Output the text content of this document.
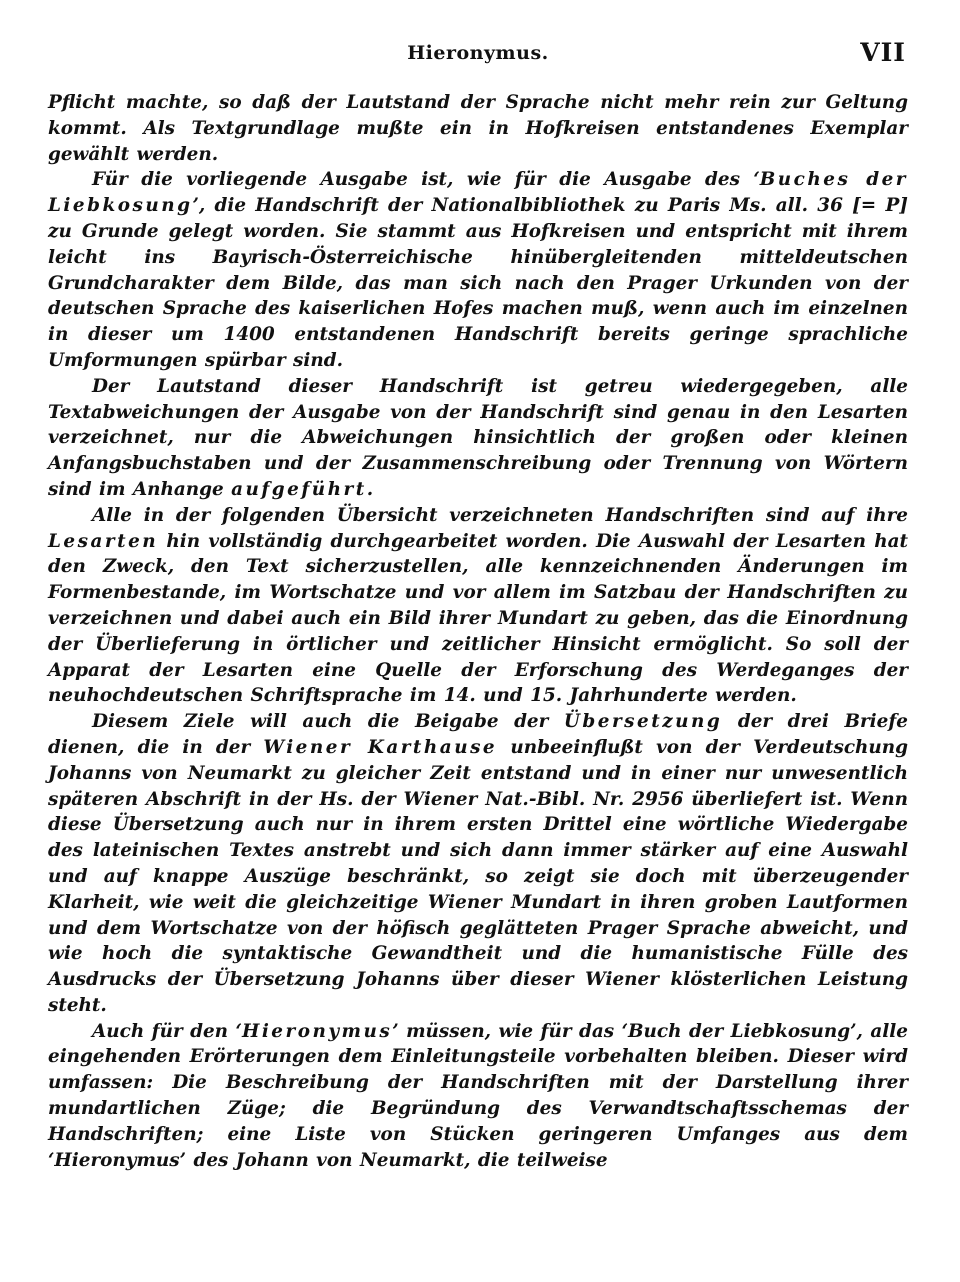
Hieronymus.	VII

Pflicht machte, so daß der Lautstand der Sprache nicht mehr rein zur Geltung kommt. Als Textgrundlage mußte ein in Hofkreisen entstandenes Exemplar gewählt werden.

Für die vorliegende Ausgabe ist, wie für die Ausgabe des ‘Buches der Liebkosung’, die Handschrift der Nationalbibliothek zu Paris Ms. all. 36 [= P] zu Grunde gelegt worden. Sie stammt aus Hofkreisen und entspricht mit ihrem leicht ins Bayrisch-Österreichische hinübergleitenden mitteldeutschen Grundcharakter dem Bilde, das man sich nach den Prager Urkunden von der deutschen Sprache des kaiserlichen Hofes machen muß, wenn auch im einzelnen in dieser um 1400 entstandenen Handschrift bereits geringe sprachliche Umformungen spürbar sind.

Der Lautstand dieser Handschrift ist getreu wiedergegeben, alle Textabweichungen der Ausgabe von der Handschrift sind genau in den Lesarten verzeichnet, nur die Abweichungen hinsichtlich der großen oder kleinen Anfangsbuchstaben und der Zusammenschreibung oder Trennung von Wörtern sind im Anhange aufgeführt.

Alle in der folgenden Übersicht verzeichneten Handschriften sind auf ihre Lesarten hin vollständig durchgearbeitet worden. Die Auswahl der Lesarten hat den Zweck, den Text sicherzustellen, alle kennzeichnenden Änderungen im Formenbestande, im Wortschatze und vor allem im Satzbau der Handschriften zu verzeichnen und dabei auch ein Bild ihrer Mundart zu geben, das die Einordnung der Überlieferung in örtlicher und zeitlicher Hinsicht ermöglicht. So soll der Apparat der Lesarten eine Quelle der Erforschung des Werdeganges der neuhochdeutschen Schriftsprache im 14. und 15. Jahrhunderte werden.

Diesem Ziele will auch die Beigabe der Übersetzung der drei Briefe dienen, die in der Wiener Karthause unbeeinflußt von der Verdeutschung Johanns von Neumarkt zu gleicher Zeit entstand und in einer nur unwesentlich späteren Abschrift in der Hs. der Wiener Nat.-Bibl. Nr. 2956 überliefert ist. Wenn diese Übersetzung auch nur in ihrem ersten Drittel eine wörtliche Wiedergabe des lateinischen Textes anstrebt und sich dann immer stärker auf eine Auswahl und auf knappe Auszüge beschränkt, so zeigt sie doch mit überzeugender Klarheit, wie weit die gleichzeitige Wiener Mundart in ihren groben Lautformen und dem Wortschatze von der höfisch geglätteten Prager Sprache abweicht, und wie hoch die syntaktische Gewandtheit und die humanistische Fülle des Ausdrucks der Übersetzung Johanns über dieser Wiener klösterlichen Leistung steht.

Auch für den ‘Hieronymus’ müssen, wie für das ‘Buch der Liebkosung’, alle eingehenden Erörterungen dem Einleitungsteile vorbehalten bleiben. Dieser wird umfassen: Die Beschreibung der Handschriften mit der Darstellung ihrer mundartlichen Züge; die Begründung des Verwandtschaftsschemas der Handschriften; eine Liste von Stücken geringeren Umfanges aus dem ‘Hieronymus’ des Johann von Neumarkt, die teilweise
